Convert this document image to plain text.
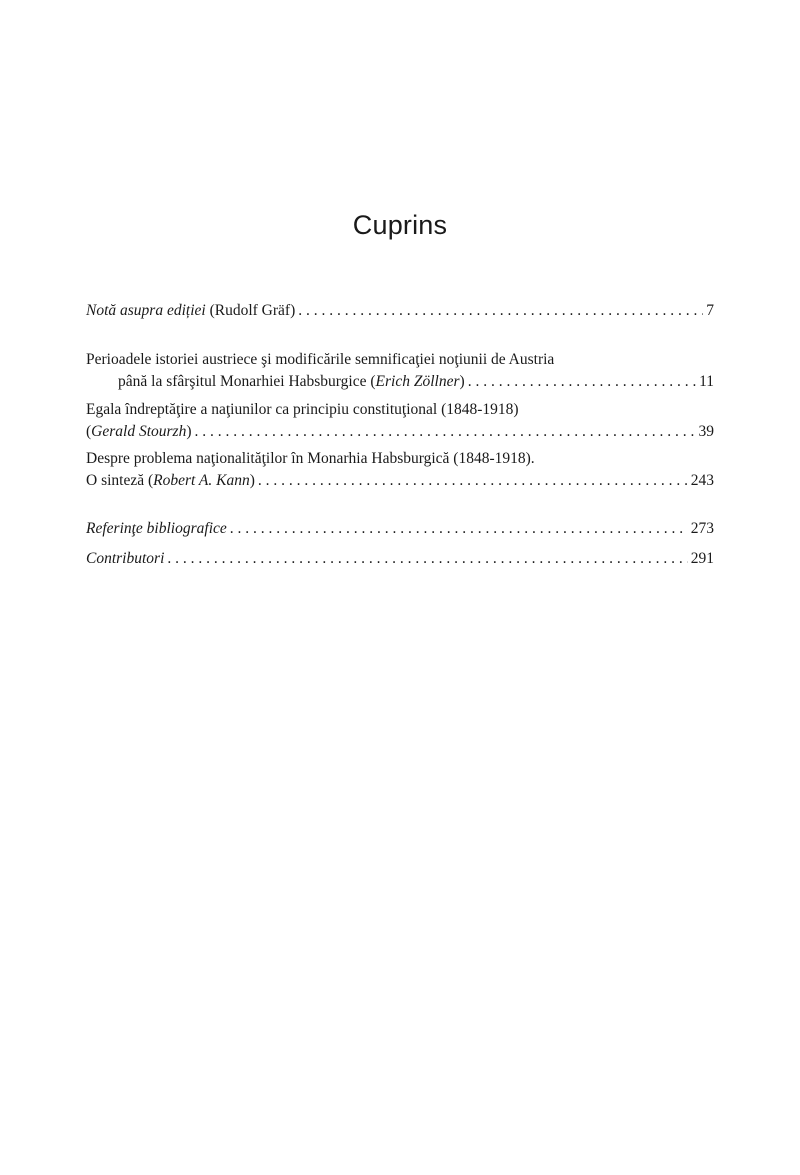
Cuprins
Notă asupra ediției (Rudolf Gräf) . . .	7
Perioadele istoriei austriece şi modificările semnificaţiei noţiunii de Austria
până la sfârşitul Monarhiei Habsburgice (Erich Zöllner) . . .	11
Egala îndreptăţire a naţiunilor ca principiu constituţional (1848-1918)
(Gerald Stourzh) . . .	39
Despre problema naţionalităţilor în Monarhia Habsburgică (1848-1918).
O sinteză (Robert A. Kann) . . .	243
Referinţe bibliografice . . .	273
Contributori . . .	291
